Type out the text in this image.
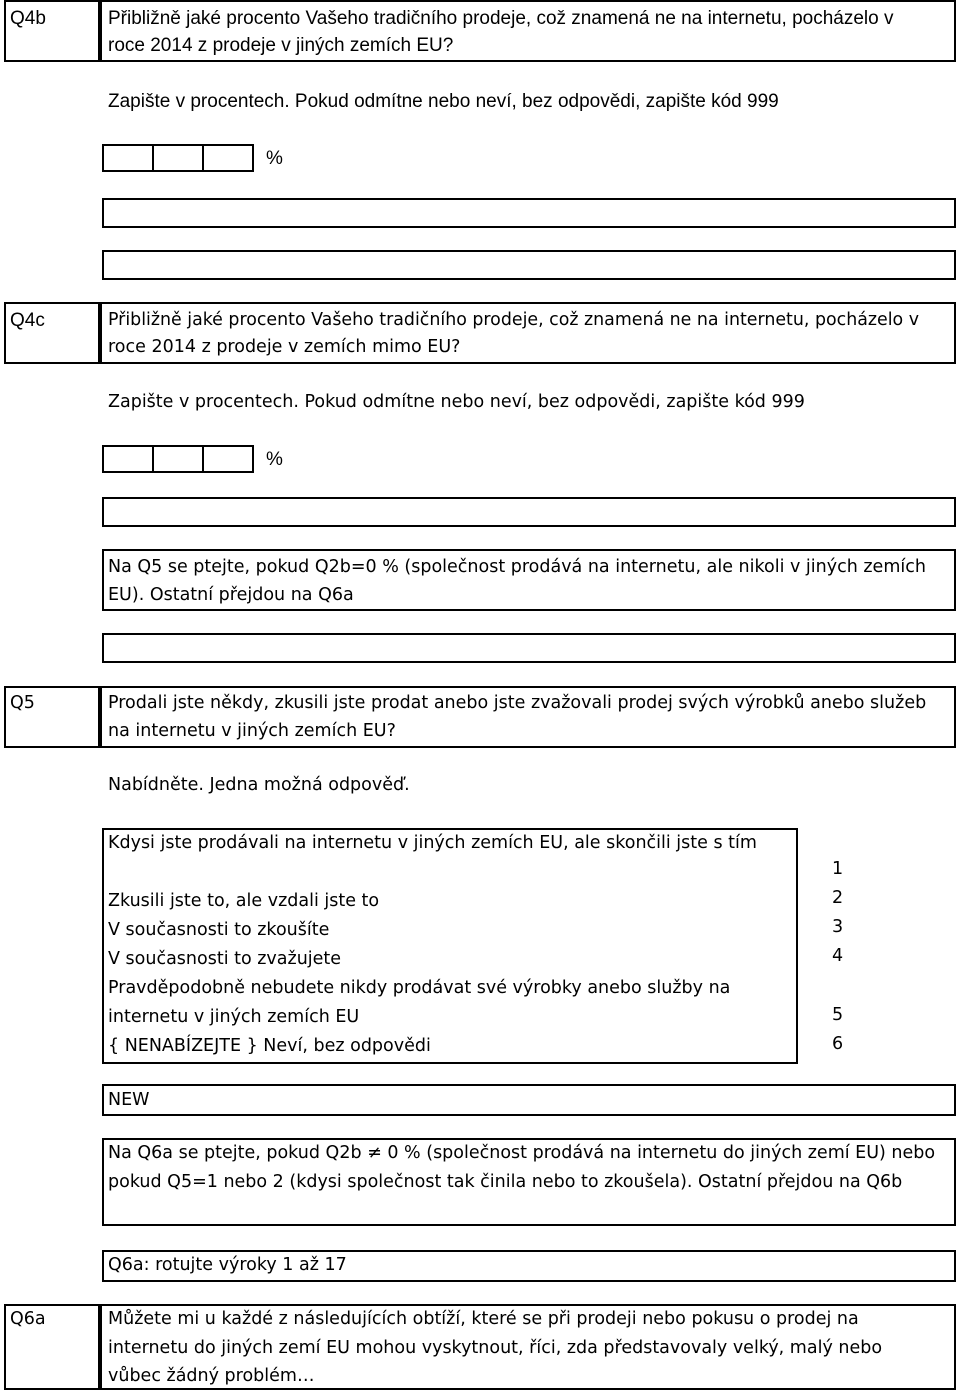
Q4b	Přibližně jaké procento Vašeho tradičního prodeje, což znamená ne na internetu, pocházelo v
roce 2014 z prodeje v jiných zemích EU?
Zapište v procentech. Pokud odmítne nebo neví, bez odpovědi, zapište kód 999
%
Q4c	Přibližně jaké procento Vašeho tradičního prodeje, což znamená ne na internetu, pocházelo v
roce 2014 z prodeje v zemích mimo EU?
Zapište v procentech. Pokud odmítne nebo neví, bez odpovědi, zapište kód 999
%
Na Q5 se ptejte, pokud Q2b=0 % (společnost prodává na internetu, ale nikoli v jiných zemích
EU). Ostatní přejdou na Q6a
Q5	Prodali jste někdy, zkusili jste prodat anebo jste zvažovali prodej svých výrobků anebo služeb
na internetu v jiných zemích EU?
Nabídněte. Jedna možná odpověď.
Kdysi jste prodávali na internetu v jiných zemích EU, ale skončili jste s tím
1
Zkusili jste to, ale vzdali jste to	2
V současnosti to zkoušíte	3
V současnosti to zvažujete	4
Pravděpodobně nebudete nikdy prodávat své výrobky anebo služby na
internetu v jiných zemích EU	5
{ NENABÍZEJTE } Neví, bez odpovědi	6
NEW
Na Q6a se ptejte, pokud Q2b ≠ 0 % (společnost prodává na internetu do jiných zemí EU) nebo
pokud Q5=1 nebo 2 (kdysi společnost tak činila nebo to zkoušela). Ostatní přejdou na Q6b
Q6a: rotujte výroky 1 až 17
Q6a	Můžete mi u každé z následujících obtíží, které se při prodeji nebo pokusu o prodej na
internetu do jiných zemí EU mohou vyskytnout, říci, zda představovaly velký, malý nebo
vůbec žádný problém…
